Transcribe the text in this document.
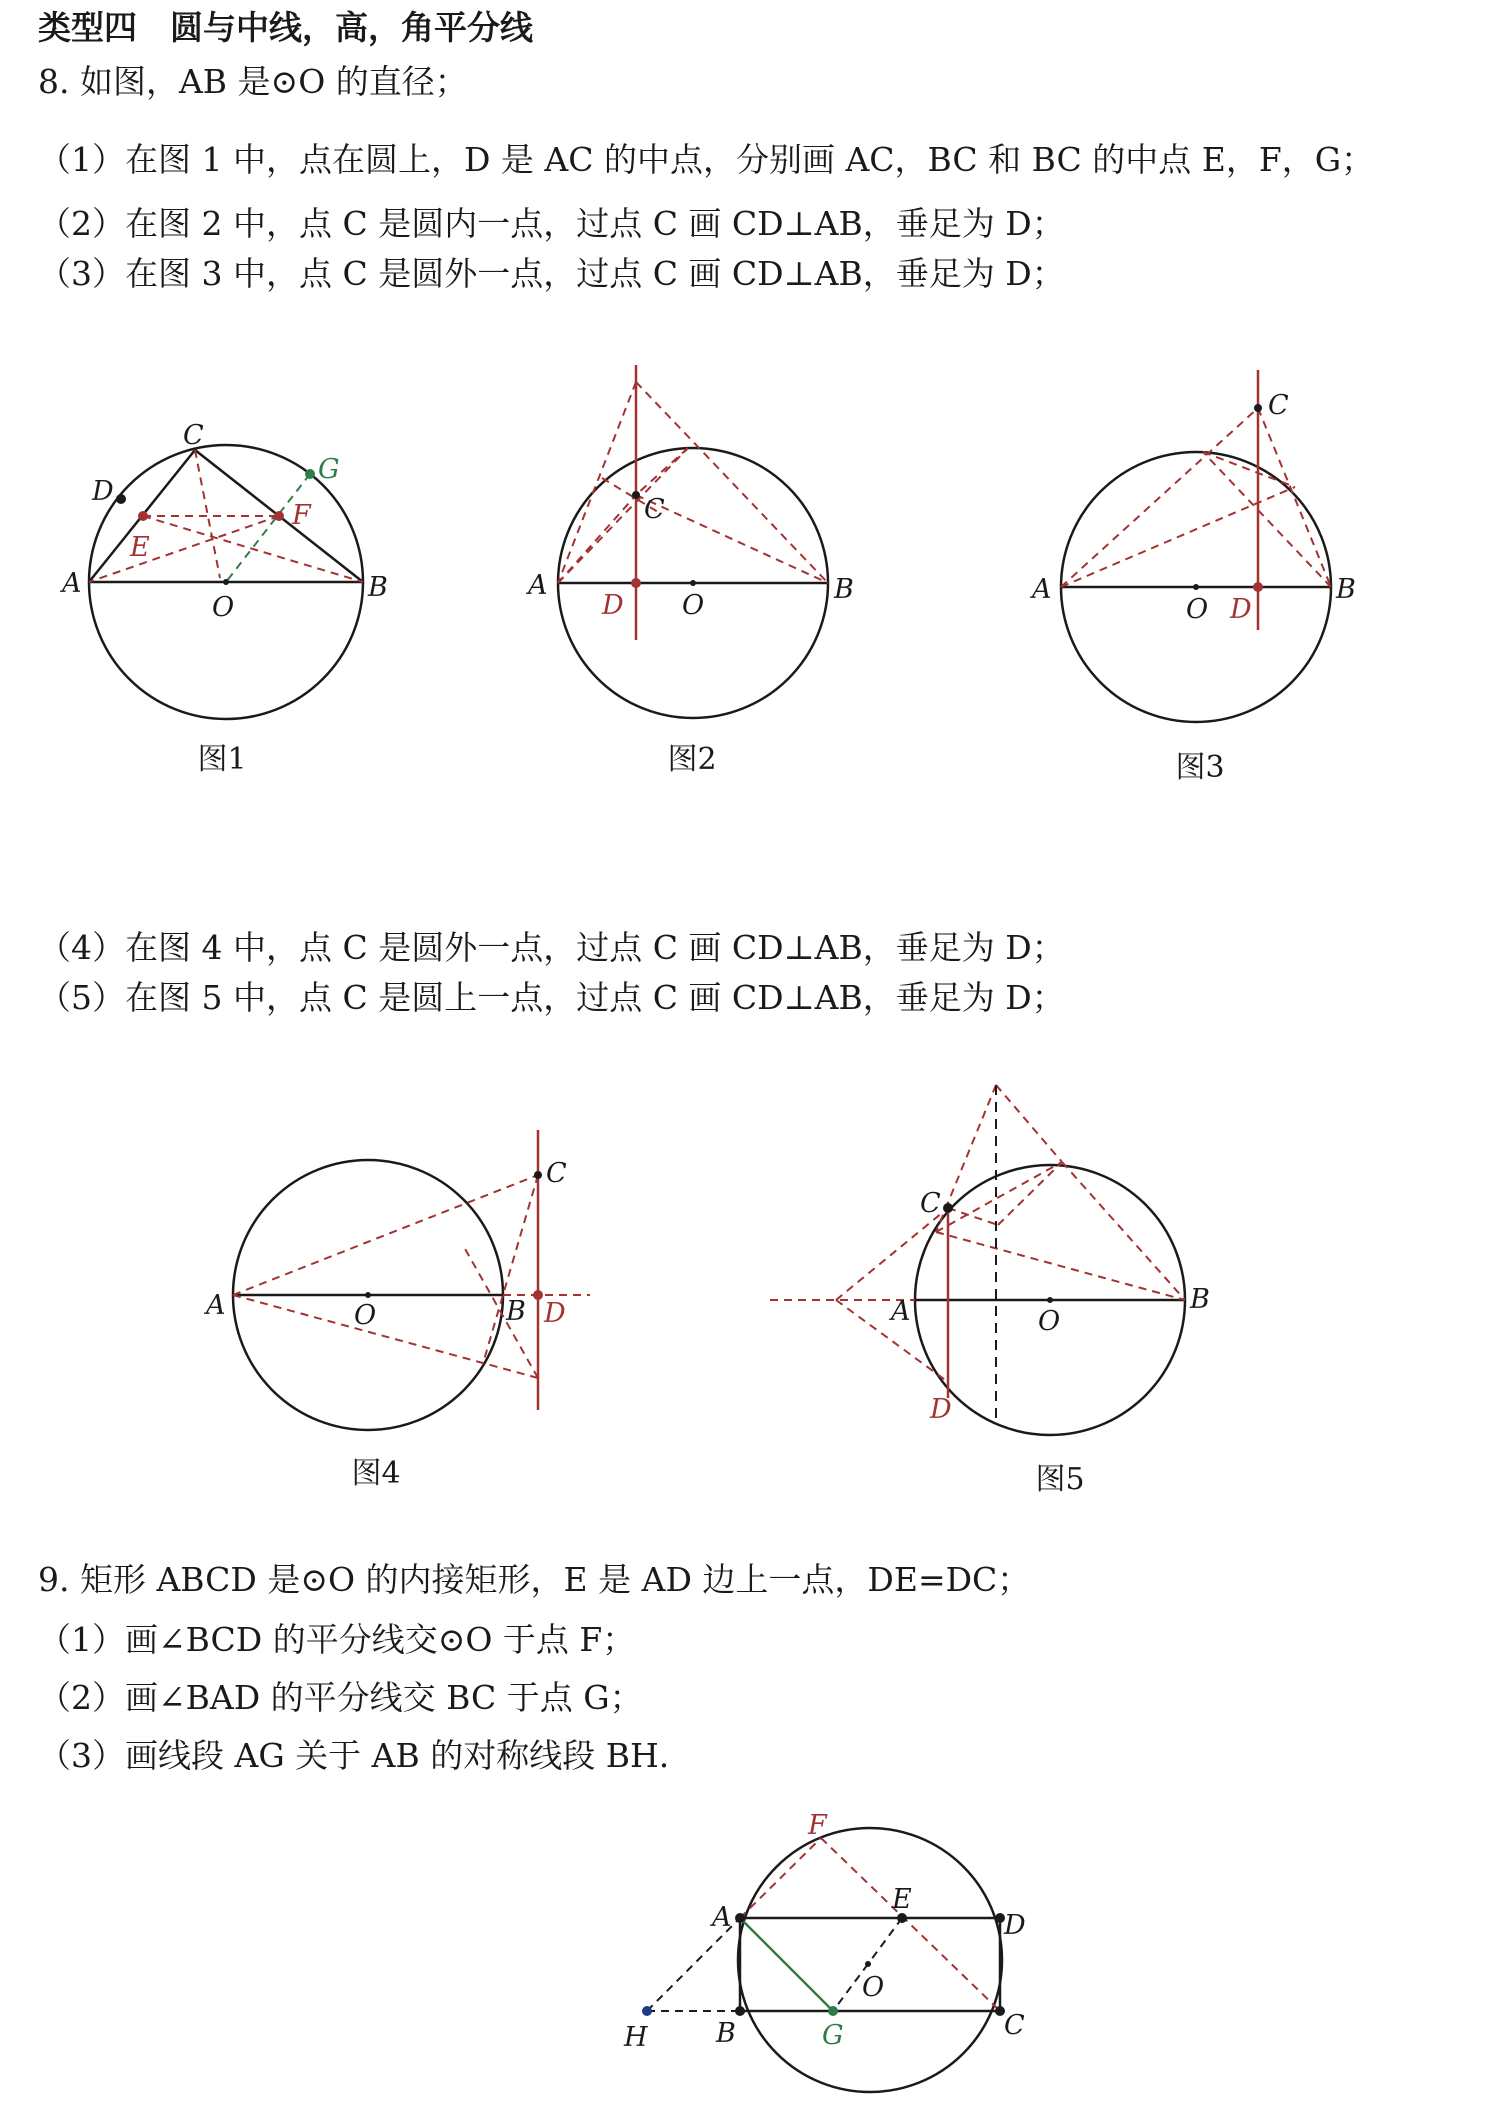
类型四　圆与中线，高，角平分线
8. 如图，AB 是⊙O 的直径；
（1）在图 1 中，点在圆上，D 是 AC 的中点，分别画 AC，BC 和 BC 的中点 E，F，G；
（2）在图 2 中，点 C 是圆内一点，过点 C 画 CD⊥AB，垂足为 D；
（3）在图 3 中，点 C 是圆外一点，过点 C 画 CD⊥AB，垂足为 D；
A	B
C
D
E
F
G
O
图1
A	B
C
D O
图2
A	B
C
D
O
图3
（4）在图 4 中，点 C 是圆外一点，过点 C 画 CD⊥AB，垂足为 D；
（5）在图 5 中，点 C 是圆上一点，过点 C 画 CD⊥AB，垂足为 D；
A	B
C
D
O
图4
A	B
C
D
O
图5
9. 矩形 ABCD 是⊙O 的内接矩形，E 是 AD 边上一点，DE=DC；
（1）画∠BCD 的平分线交⊙O 于点 F；
（2）画∠BAD 的平分线交 BC 于点 G；
（3）画线段 AG 关于 AB 的对称线段 BH.
A
B	C
D
E
F
G
H
O
